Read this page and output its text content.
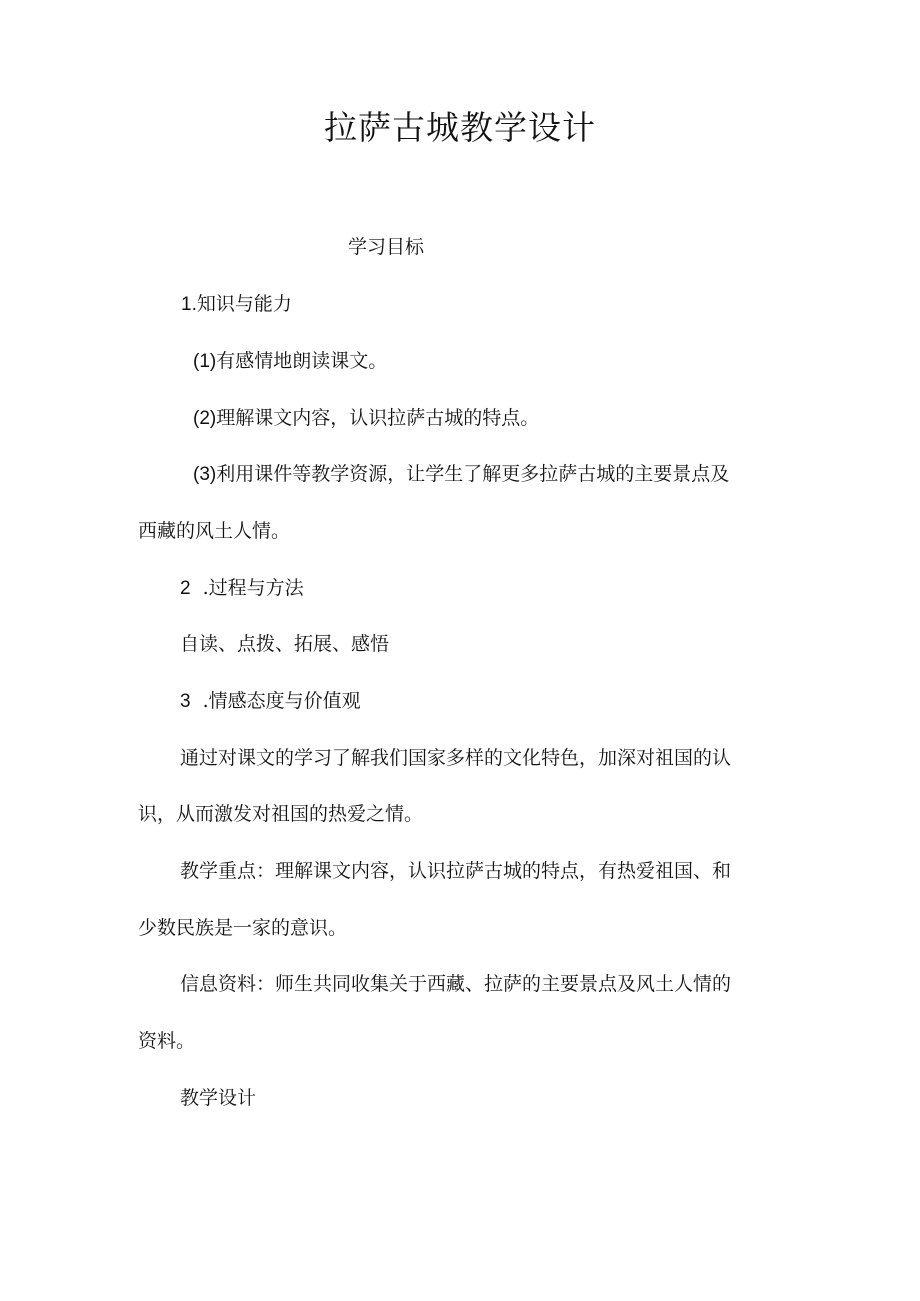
拉萨古城教学设计

学习目标

1.知识与能力

(1)有感情地朗读课文。

(2)理解课文内容，认识拉萨古城的特点。

(3)利用课件等教学资源，让学生了解更多拉萨古城的主要景点及

西藏的风土人情。

2 .过程与方法

自读、点拨、拓展、感悟

3 .情感态度与价值观

通过对课文的学习了解我们国家多样的文化特色，加深对祖国的认

识，从而激发对祖国的热爱之情。

教学重点：理解课文内容，认识拉萨古城的特点，有热爱祖国、和

少数民族是一家的意识。

信息资料：师生共同收集关于西藏、拉萨的主要景点及风土人情的

资料。

教学设计
